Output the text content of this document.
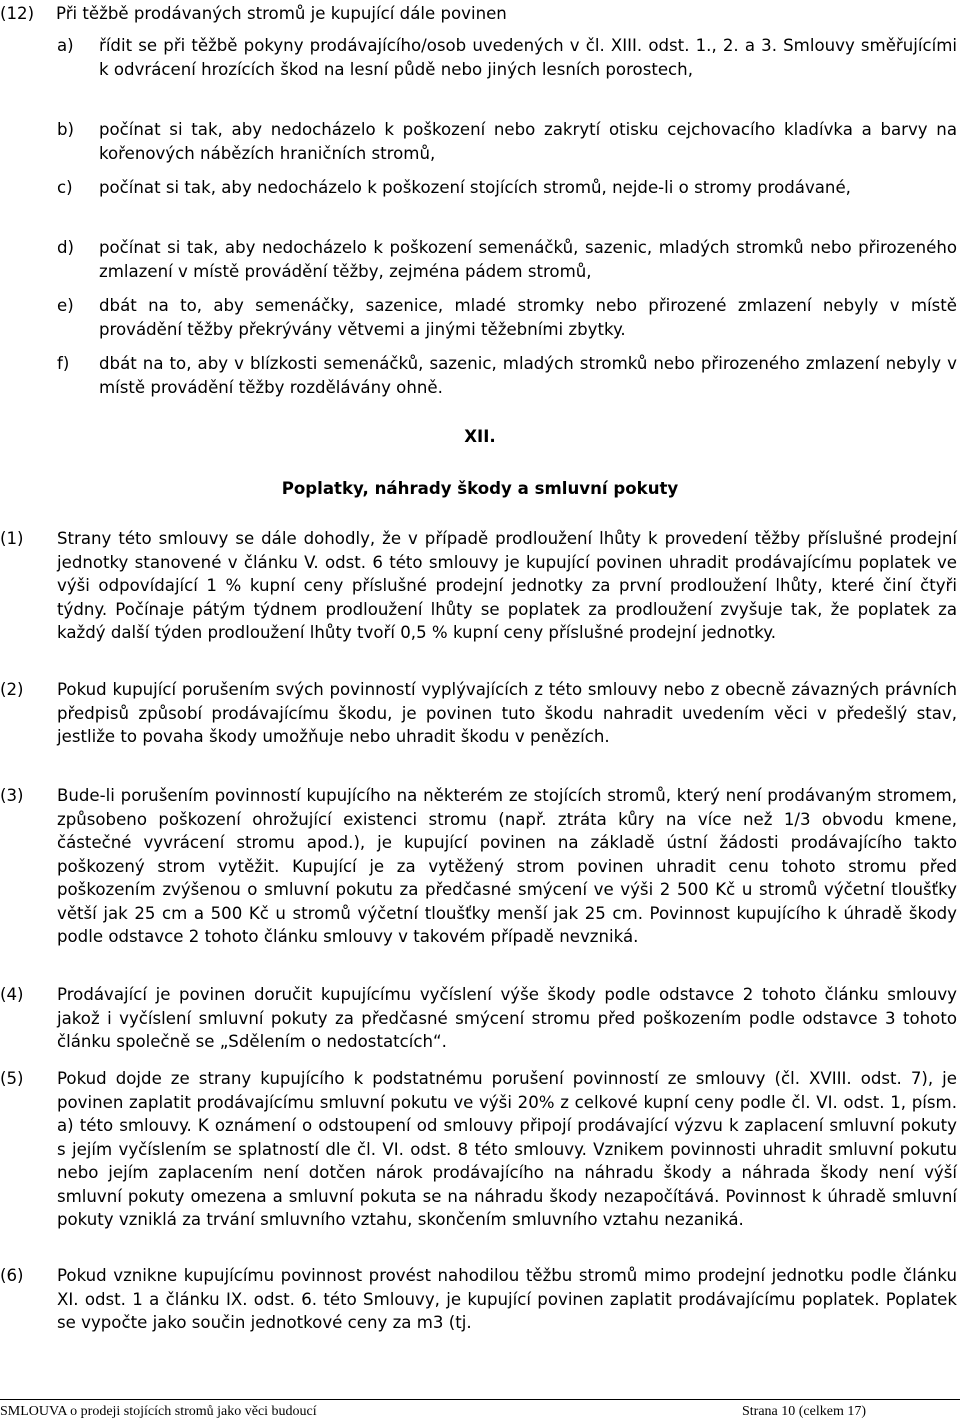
(12) Při těžbě prodávaných stromů je kupující dále povinen
a) řídit se při těžbě pokyny prodávajícího/osob uvedených v čl. XIII. odst. 1., 2. a 3. Smlouvy směřujícími k odvrácení hrozících škod na lesní půdě nebo jiných lesních porostech,

b) počínat si tak, aby nedocházelo k poškození nebo zakrytí otisku cejchovacího kladívka a barvy na kořenových nábězích hraničních stromů,

c) počínat si tak, aby nedocházelo k poškození stojících stromů, nejde-li o stromy prodávané,

d) počínat si tak, aby nedocházelo k poškození semenáčků, sazenic, mladých stromků nebo přirozeného zmlazení v místě provádění těžby, zejména pádem stromů,

e) dbát na to, aby semenáčky, sazenice, mladé stromky nebo přirozené zmlazení nebyly v místě provádění těžby překrývány větvemi a jinými těžebními zbytky.

f) dbát na to, aby v blízkosti semenáčků, sazenic, mladých stromků nebo přirozeného zmlazení nebyly v místě provádění těžby rozdělávány ohně.

XII.
Poplatky, náhrady škody a smluvní pokuty
(1) Strany této smlouvy se dále dohodly, že v případě prodloužení lhůty k provedení těžby příslušné prodejní jednotky stanovené v článku V. odst. 6 této smlouvy je kupující povinen uhradit prodávajícímu poplatek ve výši odpovídající 1 % kupní ceny příslušné prodejní jednotky za první prodloužení lhůty, které činí čtyři týdny. Počínaje pátým týdnem prodloužení lhůty se poplatek za prodloužení zvyšuje tak, že poplatek za každý další týden prodloužení lhůty tvoří 0,5 % kupní ceny příslušné prodejní jednotky.

(2) Pokud kupující porušením svých povinností vyplývajících z této smlouvy nebo z obecně závazných právních předpisů způsobí prodávajícímu škodu, je povinen tuto škodu nahradit uvedením věci v předešlý stav, jestliže to povaha škody umožňuje nebo uhradit škodu v penězích.

(3) Bude-li porušením povinností kupujícího na některém ze stojících stromů, který není prodávaným stromem, způsobeno poškození ohrožující existenci stromu (např. ztráta kůry na více než 1/3 obvodu kmene, částečné vyvrácení stromu apod.), je kupující povinen na základě ústní žádosti prodávajícího takto poškozený strom vytěžit. Kupující je za vytěžený strom povinen uhradit cenu tohoto stromu před poškozením zvýšenou o smluvní pokutu za předčasné smýcení ve výši 2 500 Kč u stromů výčetní tloušťky větší jak 25 cm a 500 Kč u stromů výčetní tloušťky menší jak 25 cm. Povinnost kupujícího k úhradě škody podle odstavce 2 tohoto článku smlouvy v takovém případě nevzniká.

(4) Prodávající je povinen doručit kupujícímu vyčíslení výše škody podle odstavce 2 tohoto článku smlouvy jakož i vyčíslení smluvní pokuty za předčasné smýcení stromu před poškozením podle odstavce 3 tohoto článku společně se „Sdělením o nedostatcích“.

(5) Pokud dojde ze strany kupujícího k podstatnému porušení povinností ze smlouvy (čl. XVIII. odst. 7), je povinen zaplatit prodávajícímu smluvní pokutu ve výši 20% z celkové kupní ceny podle čl. VI. odst. 1, písm. a) této smlouvy. K oznámení o odstoupení od smlouvy připojí prodávající výzvu k zaplacení smluvní pokuty s jejím vyčíslením se splatností dle čl. VI. odst. 8 této smlouvy. Vznikem povinnosti uhradit smluvní pokutu nebo jejím zaplacením není dotčen nárok prodávajícího na náhradu škody a náhrada škody není výší smluvní pokuty omezena a smluvní pokuta se na náhradu škody nezapočítává. Povinnost k úhradě smluvní pokuty vzniklá za trvání smluvního vztahu, skončením smluvního vztahu nezaniká.

(6) Pokud vznikne kupujícímu povinnost provést nahodilou těžbu stromů mimo prodejní jednotku podle článku XI. odst. 1 a článku IX. odst. 6. této Smlouvy, je kupující povinen zaplatit prodávajícímu poplatek. Poplatek se vypočte jako součin jednotkové ceny za m3 (tj.

SMLOUVA o prodeji stojících stromů jako věci budoucí	Strana 10 (celkem 17)
